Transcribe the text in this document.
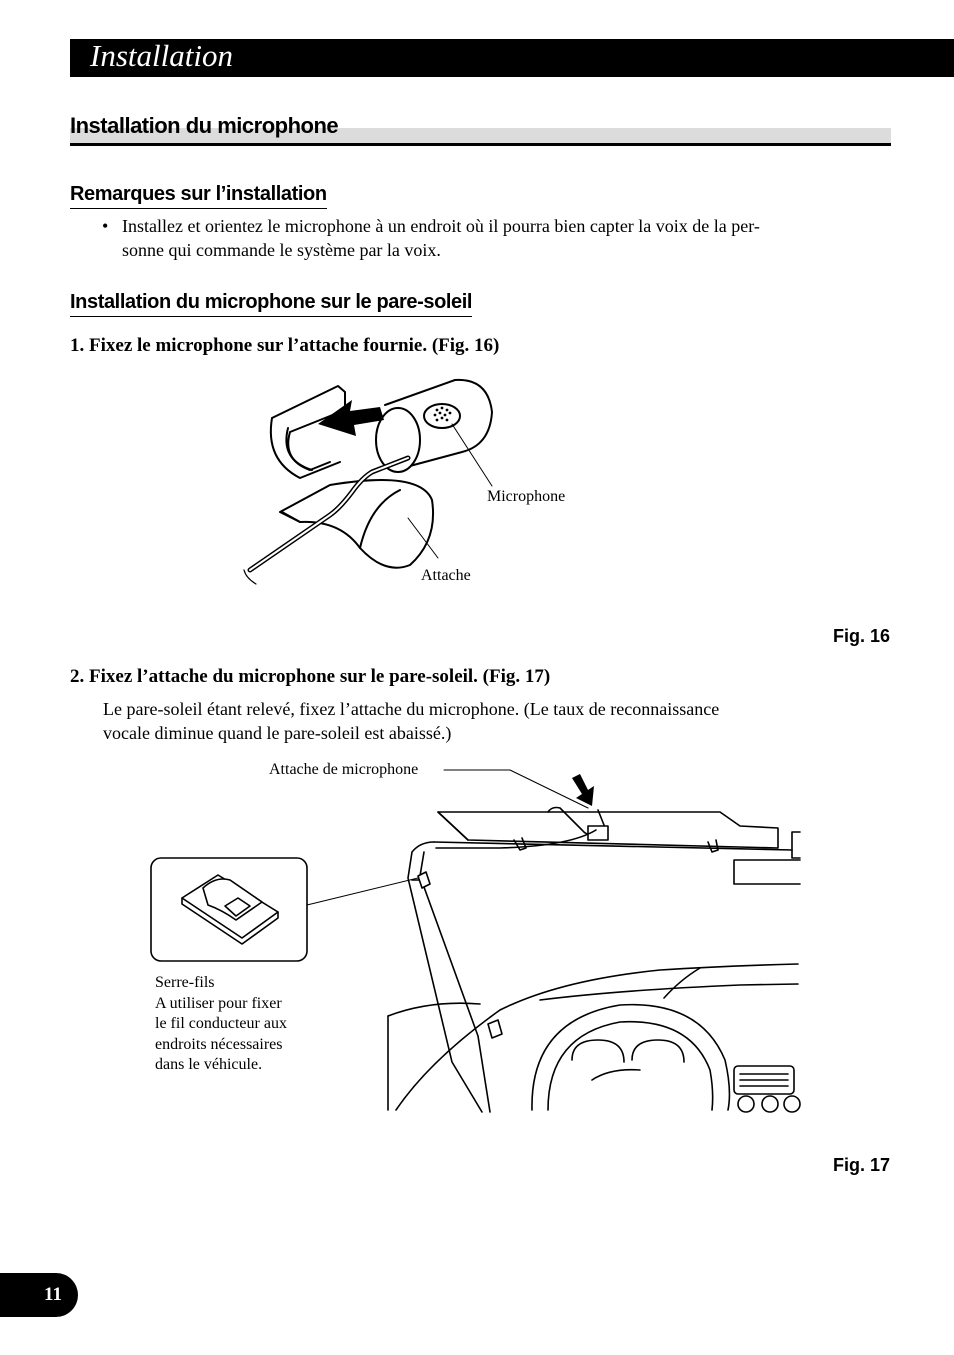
Installation
Installation du microphone
Remarques sur l’installation
• Installez et orientez le microphone à un endroit où il pourra bien capter la voix de la per-
sonne qui commande le système par la voix.
Installation du microphone sur le pare-soleil
1. Fixez le microphone sur l’attache fournie. (Fig. 16)
Microphone
Attache
Fig. 16
2. Fixez l’attache du microphone sur le pare-soleil. (Fig. 17)
Le pare-soleil étant relevé, fixez l’attache du microphone. (Le taux de reconnaissance
vocale diminue quand le pare-soleil est abaissé.)
Attache de microphone
Serre-fils
A utiliser pour fixer
le fil conducteur aux
endroits nécessaires
dans le véhicule.
Fig. 17
11
